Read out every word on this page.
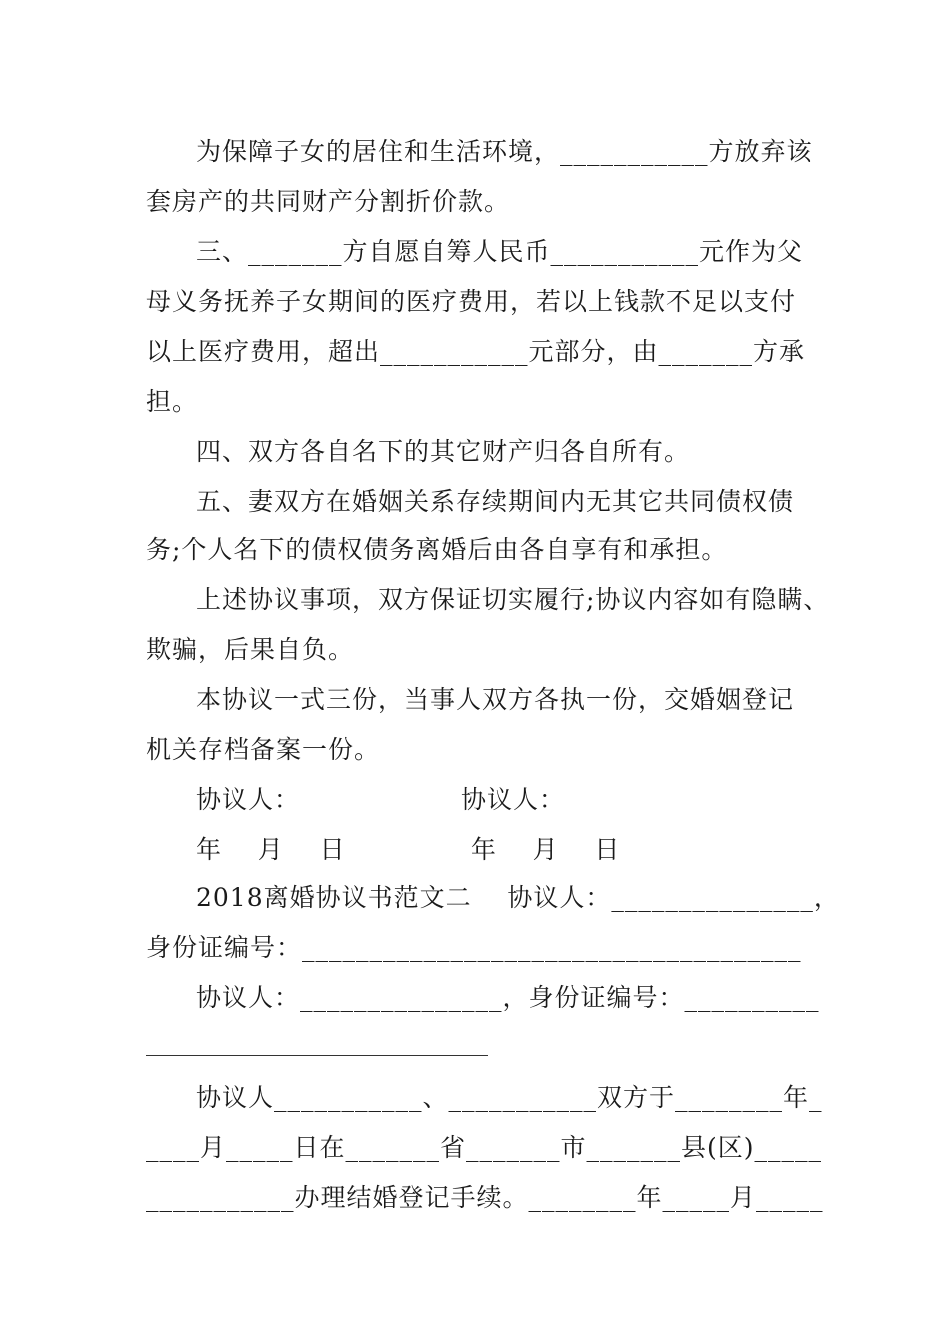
为保障子女的居住和生活环境，___________方放弃该
套房产的共同财产分割折价款。
三、_______方自愿自筹人民币___________元作为父
母义务抚养子女期间的医疗费用，若以上钱款不足以支付
以上医疗费用，超出___________元部分，由_______方承
担。
四、双方各自名下的其它财产归各自所有。
五、妻双方在婚姻关系存续期间内无其它共同债权债
务;个人名下的债权债务离婚后由各自享有和承担。
上述协议事项，双方保证切实履行;协议内容如有隐瞒、
欺骗，后果自负。
本协议一式三份，当事人双方各执一份，交婚姻登记
机关存档备案一份。
协议人：                  协议人：
年    月    日              年    月    日
2018离婚协议书范文二    协议人：_______________，
身份证编号：_____________________________________
协议人：_______________，身份证编号：__________
协议人___________、___________双方于________年_
____月_____日在_______省_______市_______县(区)_____
___________办理结婚登记手续。________年_____月_____
